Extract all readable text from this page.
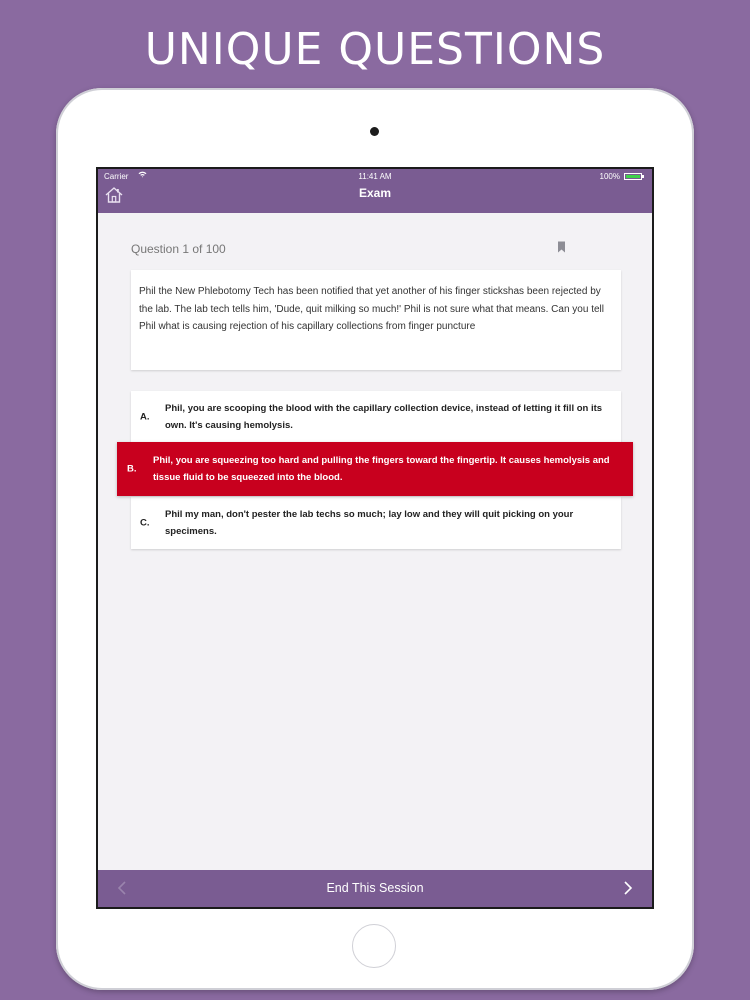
UNIQUE QUESTIONS
Carrier	11:41 AM	100%
Exam
Question 1 of 100
Phil the New Phlebotomy Tech has been notified that yet another of his finger stickshas been rejected by the lab. The lab tech tells him, 'Dude, quit milking so much!' Phil is not sure what that means. Can you tell Phil what is causing rejection of his capillary collections from finger puncture
A.
Phil, you are scooping the blood with the capillary collection device, instead of letting it fill on its own. It's causing hemolysis.
C.
Phil my man, don't pester the lab techs so much; lay low and they will quit picking on your specimens.
End This Session
B.
Phil, you are squeezing too hard and pulling the fingers toward the fingertip. It causes hemolysis and tissue fluid to be squeezed into the blood.
